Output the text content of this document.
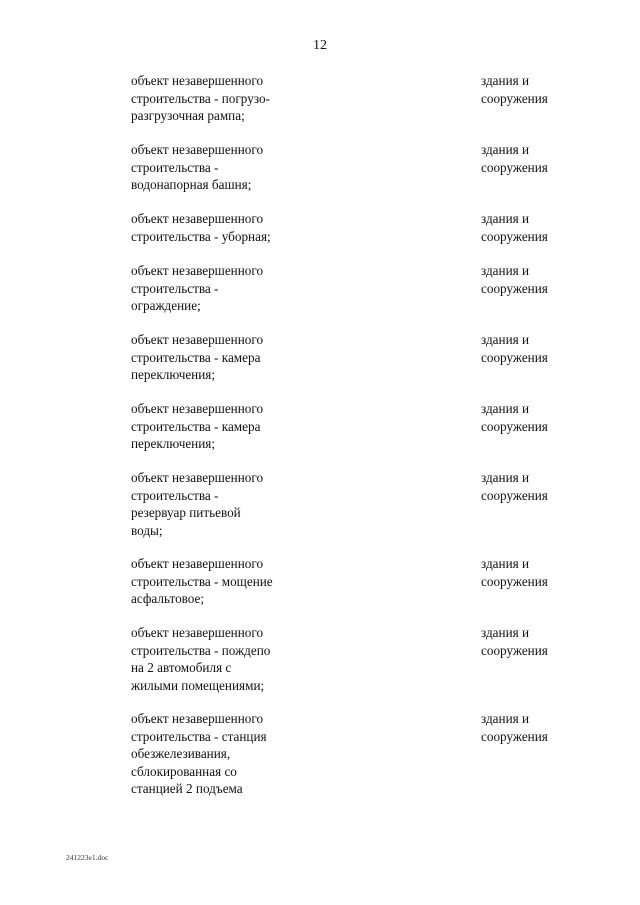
12
объект незавершенного
строительства - погрузо-
разгрузочная рампа;
здания и
сооружения
объект незавершенного
строительства -
водонапорная башня;
здания и
сооружения
объект незавершенного
строительства - уборная;
здания и
сооружения
объект незавершенного
строительства -
ограждение;
здания и
сооружения
объект незавершенного
строительства - камера
переключения;
здания и
сооружения
объект незавершенного
строительства - камера
переключения;
здания и
сооружения
объект незавершенного
строительства -
резервуар питьевой
воды;
здания и
сооружения
объект незавершенного
строительства - мощение
асфальтовое;
здания и
сооружения
объект незавершенного
строительства - пождепо
на 2 автомобиля с
жилыми помещениями;
здания и
сооружения
объект незавершенного
строительства - станция
обезжелезивания,
сблокированная со
станцией 2 подъема
здания и
сооружения
241223e1.doc
